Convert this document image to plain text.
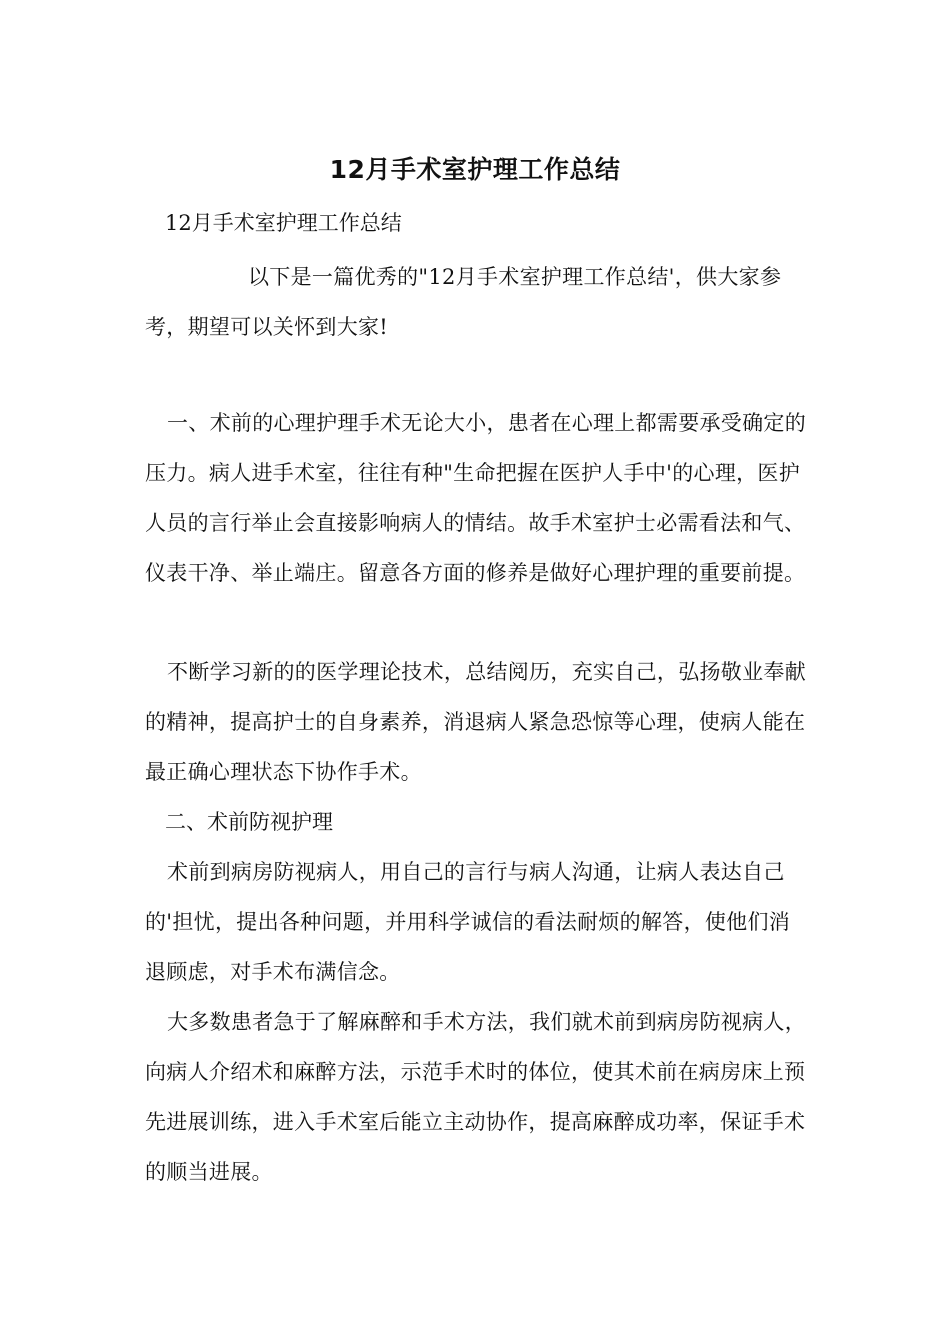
12月手术室护理工作总结
12月手术室护理工作总结

以下是一篇优秀的"12月手术室护理工作总结'，供大家参考，期望可以关怀到大家!

一、术前的心理护理手术无论大小，患者在心理上都需要承受确定的压力。病人进手术室，往往有种"生命把握在医护人手中'的心理，医护人员的言行举止会直接影响病人的情结。故手术室护士必需看法和气、仪表干净、举止端庄。留意各方面的修养是做好心理护理的重要前提。

不断学习新的的医学理论技术，总结阅历，充实自己，弘扬敬业奉献的精神，提高护士的自身素养，消退病人紧急恐惊等心理，使病人能在最正确心理状态下协作手术。

二、术前防视护理

术前到病房防视病人，用自己的言行与病人沟通，让病人表达自己的'担忧，提出各种问题，并用科学诚信的看法耐烦的解答，使他们消退顾虑，对手术布满信念。

大多数患者急于了解麻醉和手术方法，我们就术前到病房防视病人，向病人介绍术和麻醉方法，示范手术时的体位，使其术前在病房床上预先进展训练，进入手术室后能立主动协作，提高麻醉成功率，保证手术的顺当进展。
